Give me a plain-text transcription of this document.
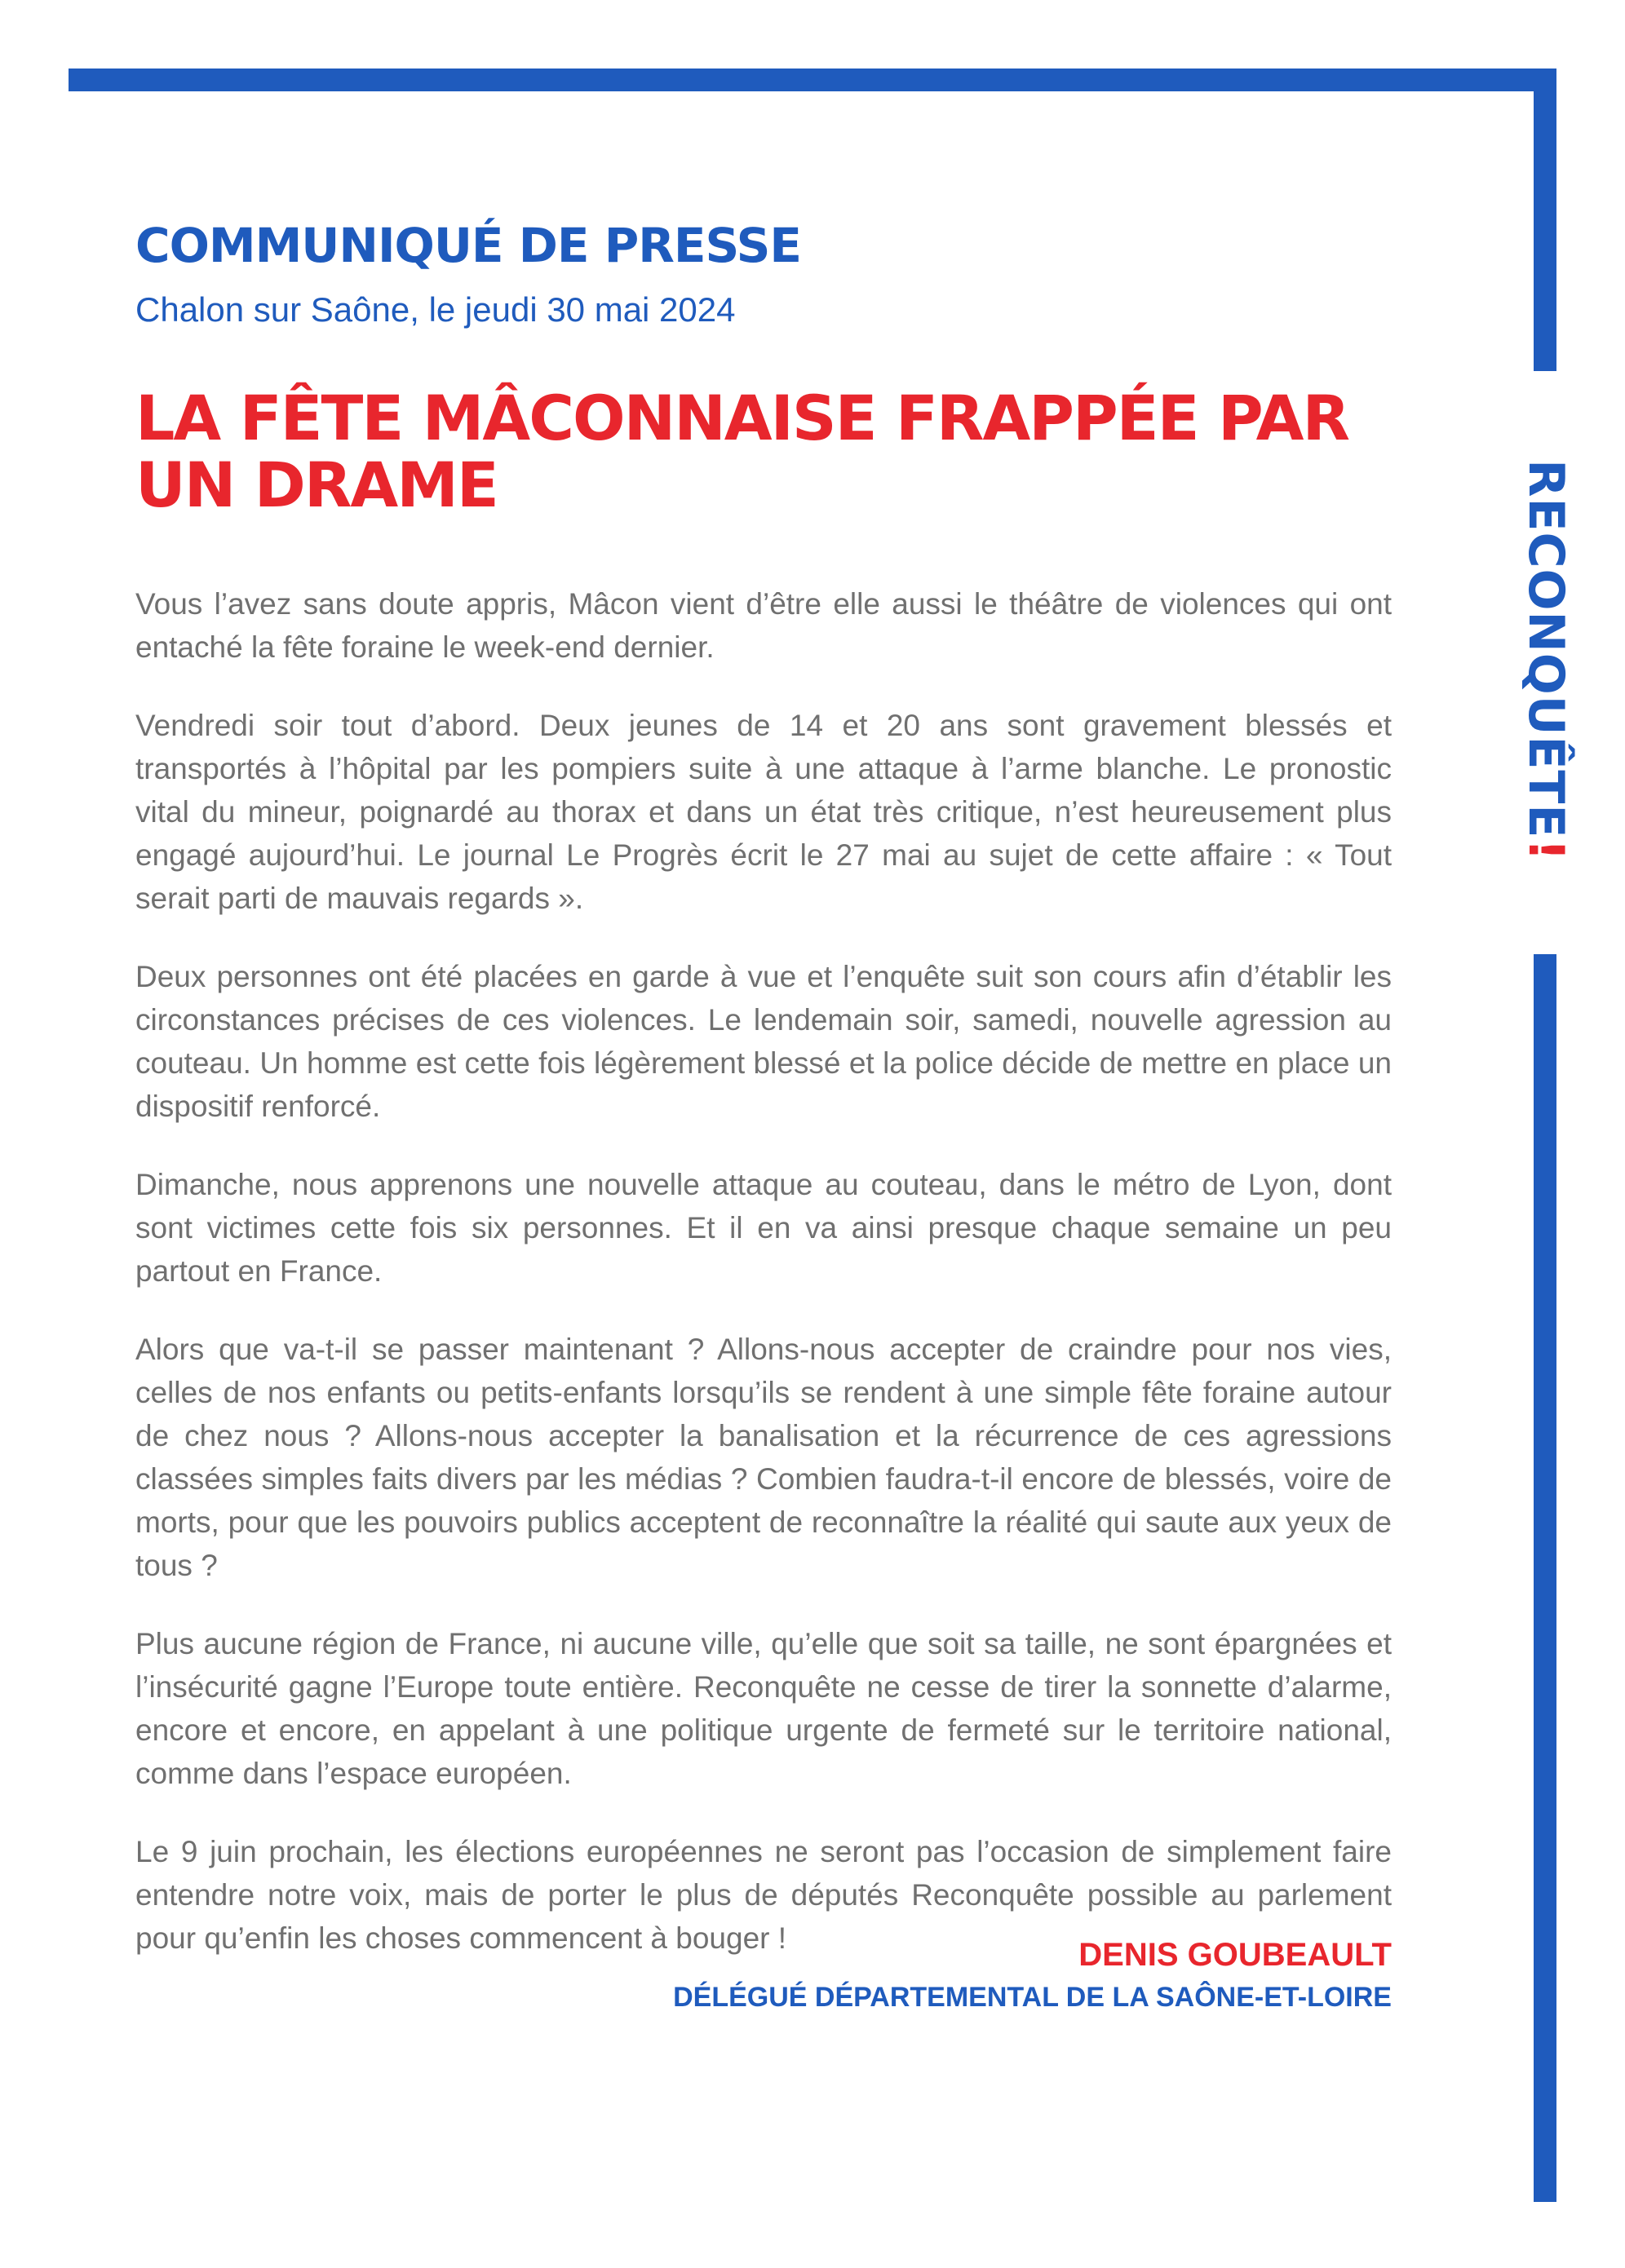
RECONQUÊTE!
COMMUNIQUÉ DE PRESSE

Chalon sur Saône, le jeudi 30 mai 2024

LA FÊTE MÂCONNAISE FRAPPÉE PAR UN DRAME

Vous l’avez sans doute appris, Mâcon vient d’être elle aussi le théâtre de violences qui ont entaché la fête foraine le week-end dernier.

Vendredi soir tout d’abord. Deux jeunes de 14 et 20 ans sont gravement blessés et transportés à l’hôpital par les pompiers suite à une attaque à l’arme blanche. Le pronostic vital du mineur, poignardé au thorax et dans un état très critique, n’est heureusement plus engagé aujourd’hui. Le journal Le Progrès écrit le 27 mai au sujet de cette affaire : « Tout serait parti de mauvais regards ».

Deux personnes ont été placées en garde à vue et l’enquête suit son cours afin d’établir les circonstances précises de ces violences. Le lendemain soir, samedi, nouvelle agression au couteau. Un homme est cette fois légèrement blessé et la police décide de mettre en place un dispositif renforcé.

Dimanche, nous apprenons une nouvelle attaque au couteau, dans le métro de Lyon, dont sont victimes cette fois six personnes. Et il en va ainsi presque chaque semaine un peu partout en France.

Alors que va-t-il se passer maintenant ? Allons-nous accepter de craindre pour nos vies, celles de nos enfants ou petits-enfants lorsqu’ils se rendent à une simple fête foraine autour de chez nous ? Allons-nous accepter la banalisation et la récurrence de ces agressions classées simples faits divers par les médias ? Combien faudra-t-il encore de blessés, voire de morts, pour que les pouvoirs publics acceptent de reconnaître la réalité qui saute aux yeux de tous ?

Plus aucune région de France, ni aucune ville, qu’elle que soit sa taille, ne sont épargnées et l’insécurité gagne l’Europe toute entière. Reconquête ne cesse de tirer la sonnette d’alarme, encore et encore, en appelant à une politique urgente de fermeté sur le territoire national, comme dans l’espace européen.

Le 9 juin prochain, les élections européennes ne seront pas l’occasion de simplement faire entendre notre voix, mais de porter le plus de députés Reconquête possible au parlement pour qu’enfin les choses commencent à bouger !	DENIS GOUBEAULT

DÉLÉGUÉ DÉPARTEMENTAL DE LA SAÔNE-ET-LOIRE
